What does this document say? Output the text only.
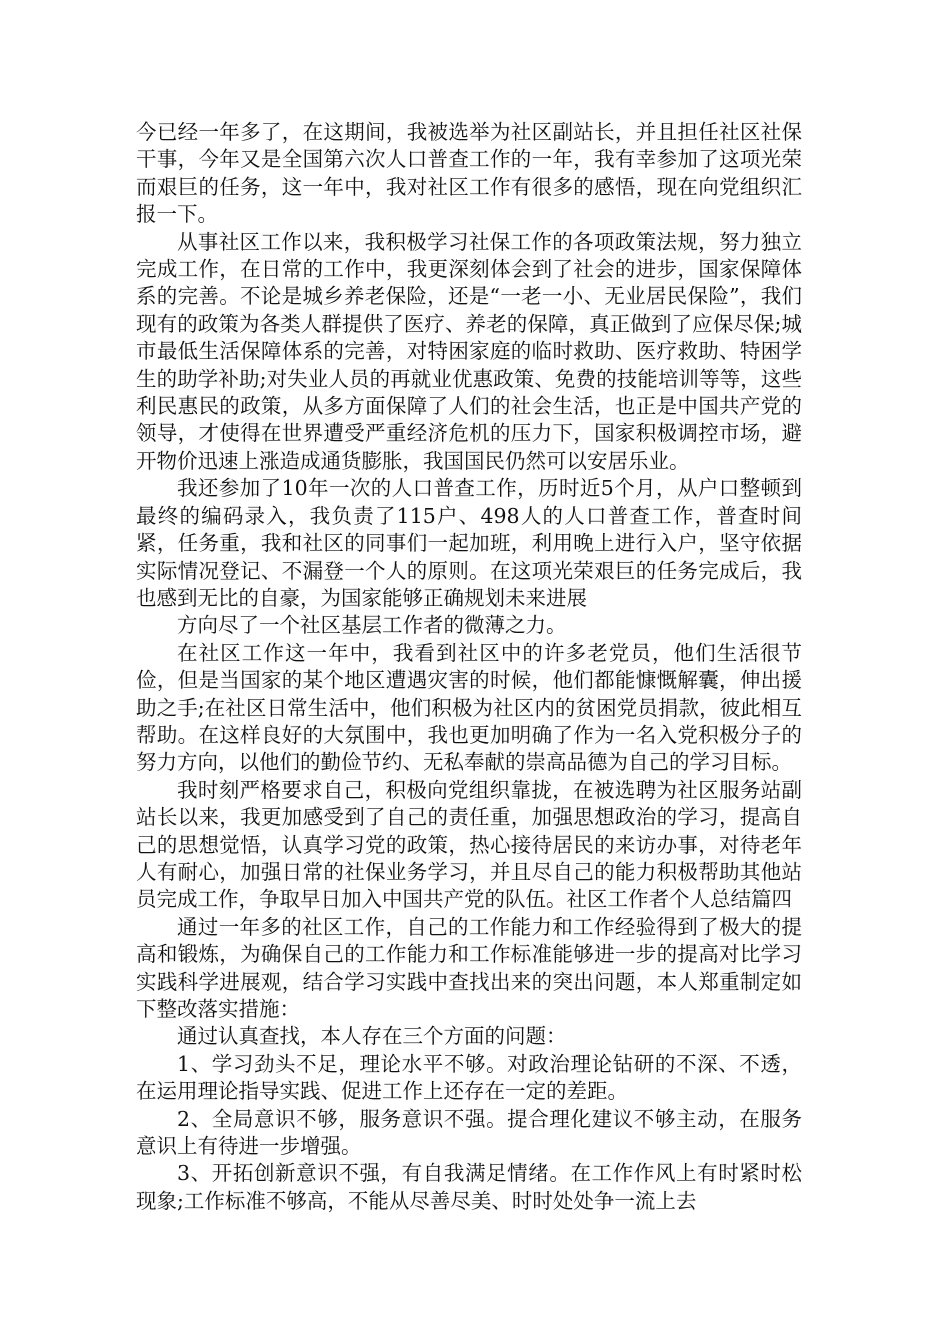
今已经一年多了，在这期间，我被选举为社区副站长，并且担任社区社保干事，今年又是全国第六次人口普查工作的一年，我有幸参加了这项光荣而艰巨的任务，这一年中，我对社区工作有很多的感悟，现在向党组织汇报一下。

从事社区工作以来，我积极学习社保工作的各项政策法规，努力独立完成工作，在日常的工作中，我更深刻体会到了社会的进步，国家保障体系的完善。不论是城乡养老保险，还是“一老一小、无业居民保险”，我们现有的政策为各类人群提供了医疗、养老的保障，真正做到了应保尽保;城市最低生活保障体系的完善，对特困家庭的临时救助、医疗救助、特困学生的助学补助;对失业人员的再就业优惠政策、免费的技能培训等等，这些利民惠民的政策，从多方面保障了人们的社会生活，也正是中国共产党的领导，才使得在世界遭受严重经济危机的压力下，国家积极调控市场，避开物价迅速上涨造成通货膨胀，我国国民仍然可以安居乐业。

我还参加了10年一次的人口普查工作，历时近5个月，从户口整顿到最终的编码录入，我负责了115户、498人的人口普查工作，普查时间紧，任务重，我和社区的同事们一起加班，利用晚上进行入户，坚守依据实际情况登记、不漏登一个人的原则。在这项光荣艰巨的任务完成后，我也感到无比的自豪，为国家能够正确规划未来进展

方向尽了一个社区基层工作者的微薄之力。

在社区工作这一年中，我看到社区中的许多老党员，他们生活很节俭，但是当国家的某个地区遭遇灾害的时候，他们都能慷慨解囊，伸出援助之手;在社区日常生活中，他们积极为社区内的贫困党员捐款，彼此相互帮助。在这样良好的大氛围中，我也更加明确了作为一名入党积极分子的努力方向，以他们的勤俭节约、无私奉献的崇高品德为自己的学习目标。

我时刻严格要求自己，积极向党组织靠拢，在被选聘为社区服务站副站长以来，我更加感受到了自己的责任重，加强思想政治的学习，提高自己的思想觉悟，认真学习党的政策，热心接待居民的来访办事，对待老年人有耐心，加强日常的社保业务学习，并且尽自己的能力积极帮助其他站员完成工作，争取早日加入中国共产党的队伍。社区工作者个人总结篇四

通过一年多的社区工作，自己的工作能力和工作经验得到了极大的提高和锻炼，为确保自己的工作能力和工作标准能够进一步的提高对比学习实践科学进展观，结合学习实践中查找出来的突出问题，本人郑重制定如下整改落实措施：

通过认真查找，本人存在三个方面的问题：

1、学习劲头不足，理论水平不够。对政治理论钻研的不深、不透，在运用理论指导实践、促进工作上还存在一定的差距。

2、全局意识不够，服务意识不强。提合理化建议不够主动，在服务意识上有待进一步增强。

3、开拓创新意识不强，有自我满足情绪。在工作作风上有时紧时松现象;工作标准不够高，不能从尽善尽美、时时处处争一流上去
